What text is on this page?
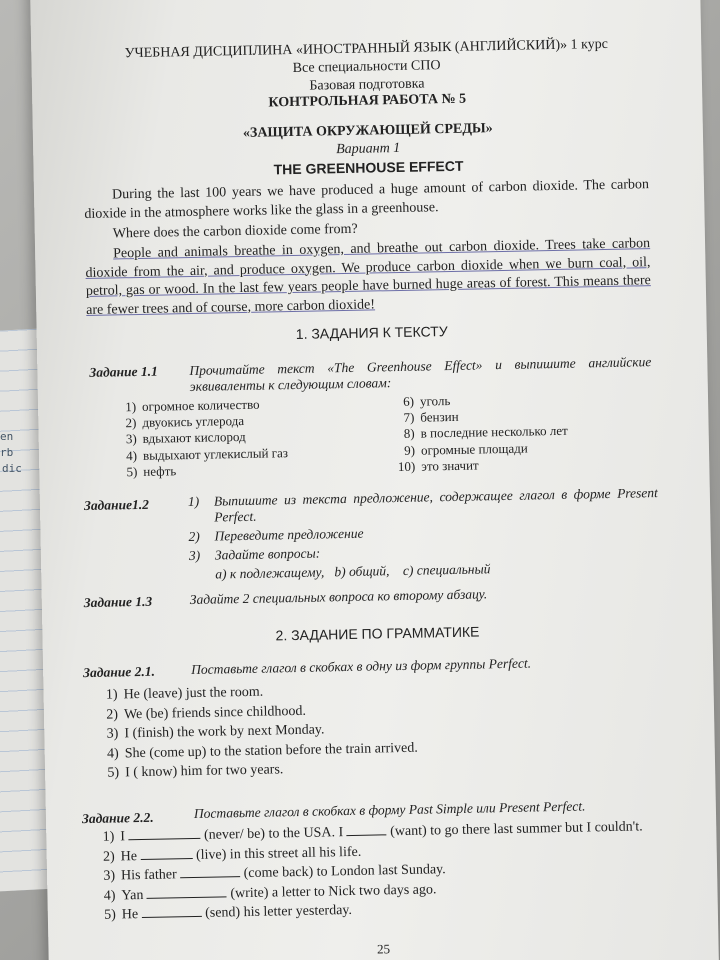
en
rb
dic
УЧЕБНАЯ ДИСЦИПЛИНА «ИНОСТРАННЫЙ ЯЗЫК (АНГЛИЙСКИЙ)» 1 курс
Все специальности СПО
Базовая подготовка
КОНТРОЛЬНАЯ РАБОТА № 5
«ЗАЩИТА ОКРУЖАЮЩЕЙ СРЕДЫ»
Вариант 1
THE GREENHOUSE EFFECT
During the last 100 years we have produced a huge amount of carbon dioxide. The carbon dioxide in the atmosphere works like the glass in a greenhouse.
Where does the carbon dioxide come from?
People and animals breathe in oxygen, and breathe out carbon dioxide. Trees take carbon dioxide from the air, and produce oxygen. We produce carbon dioxide when we burn coal, oil, petrol, gas or wood. In the last few years people have burned huge areas of forest. This means there are fewer trees and of course, more carbon dioxide!
1. ЗАДАНИЯ К ТЕКСТУ
Задание 1.1 Прочитайте текст «The Greenhouse Effect» и выпишите английские эквиваленты к следующим словам:
1) огромное количество
2) двуокись углерода
3) вдыхают кислород
4) выдыхают углекислый газ
5) нефть
6) уголь
7) бензин
8) в последние несколько лет
9) огромные площади
10) это значит
Задание1.2	1)	Выпишите из текста предложение, содержащее глагол в форме Present Perfect.
2)	Переведите предложение
3)	Задайте вопросы:
а) к подлежащему,   b) общий,    с) специальный
Задание 1.3	Задайте 2 специальных вопроса ко второму абзацу.
2. ЗАДАНИЕ ПО ГРАММАТИКЕ
Задание 2.1.	Поставьте глагол в скобках в одну из форм группы Perfect.
1) He (leave) just the room.
2) We (be) friends since childhood.
3) I (finish) the work by next Monday.
4) She (come up) to the station before the train arrived.
5) I ( know) him for two years.
Задание 2.2.	Поставьте глагол в скобках в форму Past Simple или Present Perfect.
1) I	(never/ be) to the USA. I	(want) to go there last summer but I couldn't.
2) He	(live) in this street all his life.
3) His father	(come back) to London last Sunday.
4) Yan	(write) a letter to Nick two days ago.
5) He	(send) his letter yesterday.
25
